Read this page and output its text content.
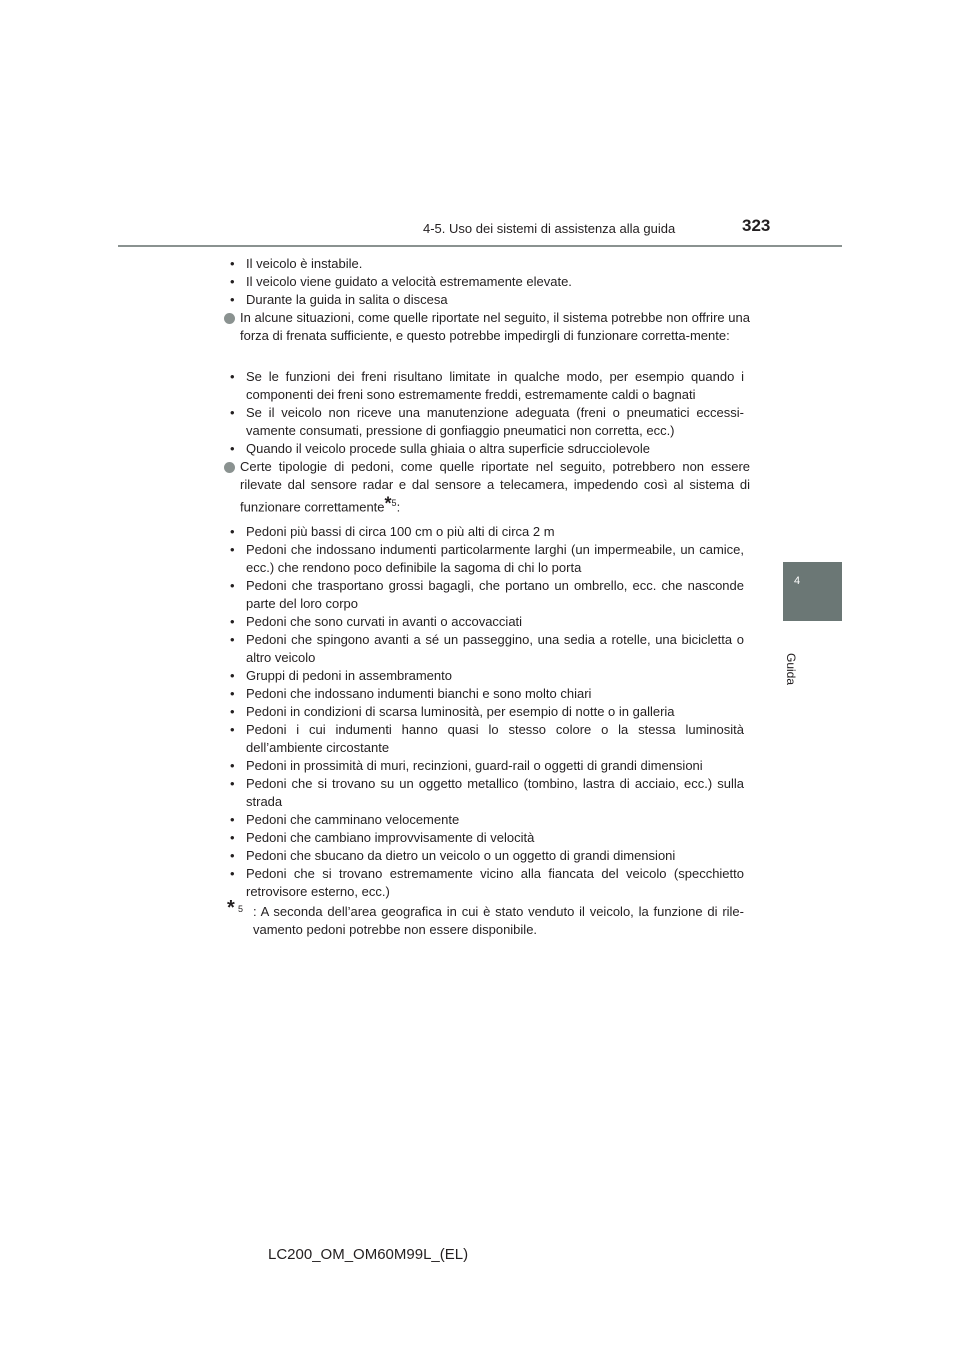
4-5. Uso dei sistemi di assistenza alla guida	323
4
Guida
• Il veicolo è instabile.
• Il veicolo viene guidato a velocità estremamente elevate.
• Durante la guida in salita o discesa
In alcune situazioni, come quelle riportate nel seguito, il sistema potrebbe non offrire una forza di frenata sufficiente, e questo potrebbe impedirgli di funzionare corretta-mente:
• Se le funzioni dei freni risultano limitate in qualche modo, per esempio quando i componenti dei freni sono estremamente freddi, estremamente caldi o bagnati
• Se il veicolo non riceve una manutenzione adeguata (freni o pneumatici eccessi-vamente consumati, pressione di gonfiaggio pneumatici non corretta, ecc.)
• Quando il veicolo procede sulla ghiaia o altra superficie sdrucciolevole
Certe tipologie di pedoni, come quelle riportate nel seguito, potrebbero non essere rilevate dal sensore radar e dal sensore a telecamera, impedendo così al sistema di funzionare correttamente*$^5$:
• Pedoni più bassi di circa 100 cm o più alti di circa 2 m
• Pedoni che indossano indumenti particolarmente larghi (un impermeabile, un camice, ecc.) che rendono poco definibile la sagoma di chi lo porta
• Pedoni che trasportano grossi bagagli, che portano un ombrello, ecc. che nasconde parte del loro corpo
• Pedoni che sono curvati in avanti o accovacciati
• Pedoni che spingono avanti a sé un passeggino, una sedia a rotelle, una bicicletta o altro veicolo
• Gruppi di pedoni in assembramento
• Pedoni che indossano indumenti bianchi e sono molto chiari
• Pedoni in condizioni di scarsa luminosità, per esempio di notte o in galleria
• Pedoni i cui indumenti hanno quasi lo stesso colore o la stessa luminosità dell’ambiente circostante
• Pedoni in prossimità di muri, recinzioni, guard-rail o oggetti di grandi dimensioni
• Pedoni che si trovano su un oggetto metallico (tombino, lastra di acciaio, ecc.) sulla strada
• Pedoni che camminano velocemente
• Pedoni che cambiano improvvisamente di velocità
• Pedoni che sbucano da dietro un veicolo o un oggetto di grandi dimensioni
• Pedoni che si trovano estremamente vicino alla fiancata del veicolo (specchietto retrovisore esterno, ecc.)
* 5 : A seconda dell’area geografica in cui è stato venduto il veicolo, la funzione di rile-vamento pedoni potrebbe non essere disponibile.
LC200_OM_OM60M99L_(EL)
